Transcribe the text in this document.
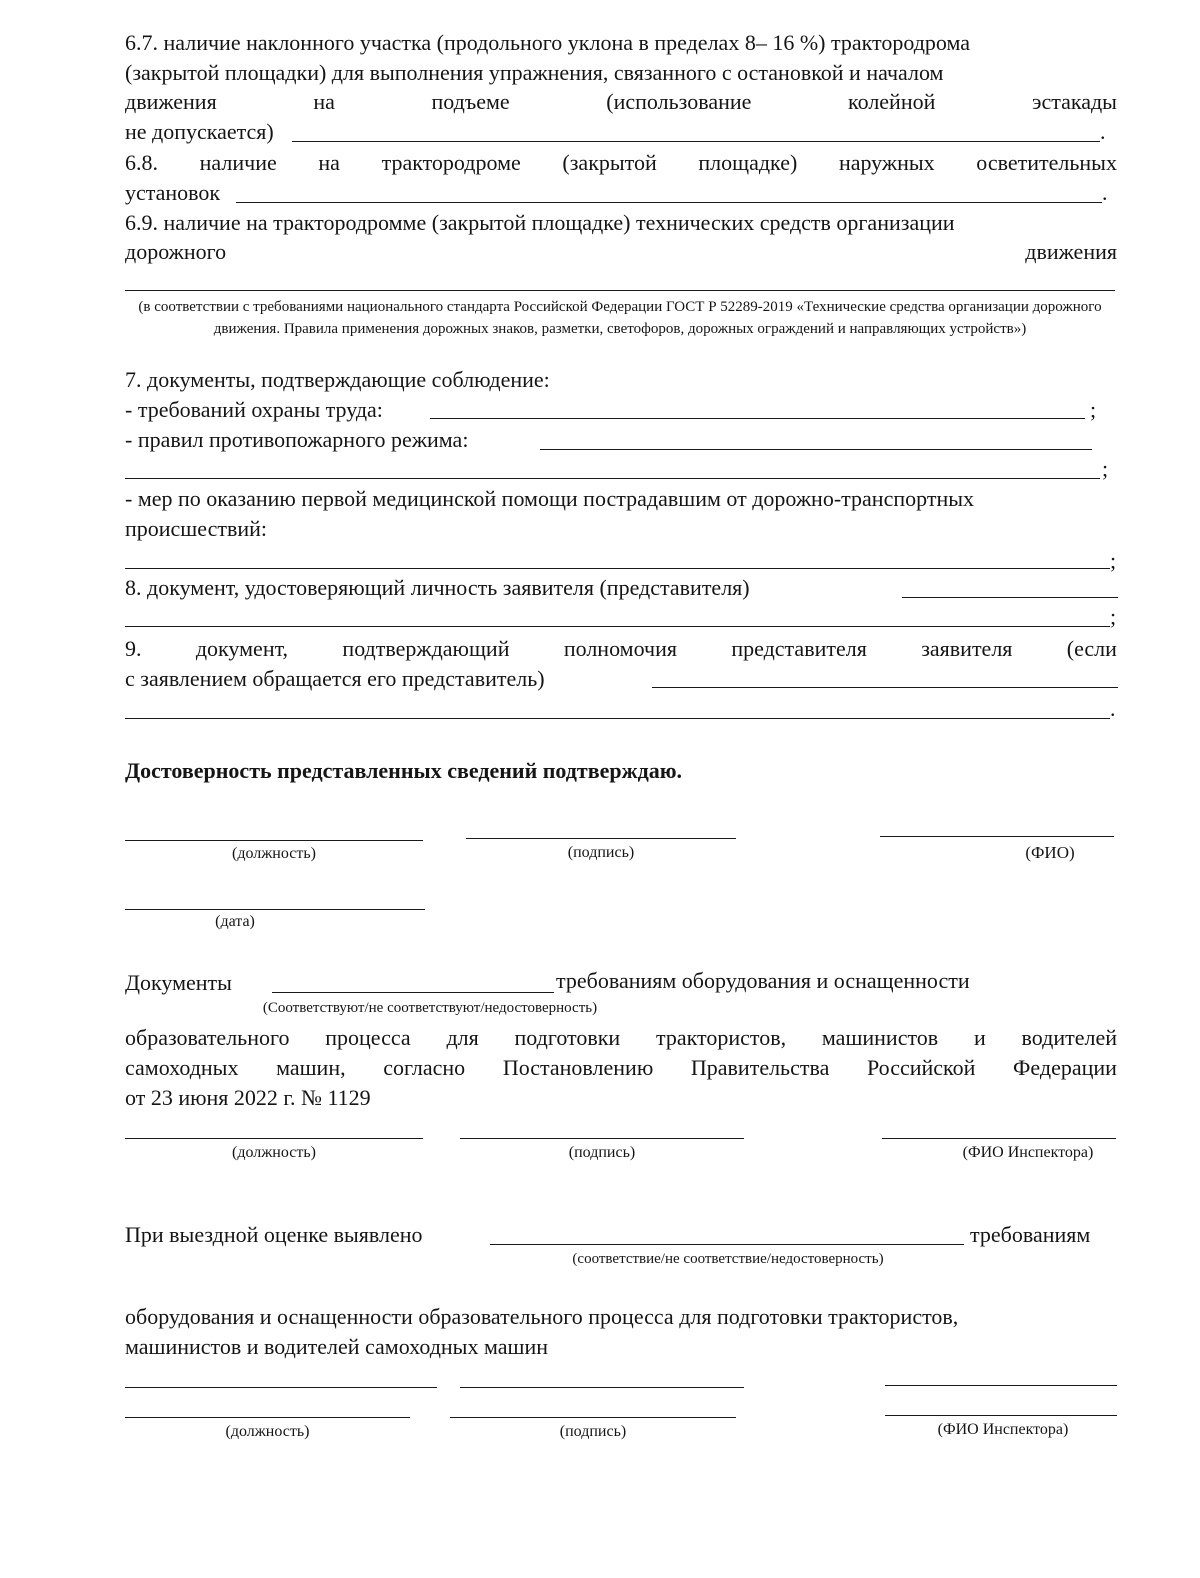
6.7. наличие наклонного участка (продольного уклона в пределах 8– 16 %) трактородрома
(закрытой площадки) для выполнения упражнения, связанного с остановкой и началом
движения	на	подъеме	(использование	колейной	эстакады
не допускается)	.
6.8. наличие на трактородроме (закрытой площадке) наружных осветительных
установок	.
6.9. наличие на трактородромме (закрытой площадке) технических средств организации
дорожного	движения
(в соответствии с требованиями национального стандарта Российской Федерации ГОСТ Р 52289-2019 «Технические средства организации дорожного движения. Правила применения дорожных знаков, разметки, светофоров, дорожных ограждений и направляющих устройств»)
7. документы, подтверждающие соблюдение:
- требований охраны труда:	;
- правил противопожарного режима:
;
- мер по оказанию первой медицинской помощи пострадавшим от дорожно-транспортных
происшествий:
;
8. документ, удостоверяющий личность заявителя (представителя)
;
9. документ, подтверждающий полномочия представителя заявителя (если
с заявлением обращается его представитель)
.
Достоверность представленных сведений подтверждаю.
(должность)	(подпись)	(ФИО)
(дата)
Документы	требованиям оборудования и оснащенности
(Соответствуют/не соответствуют/недостоверность)
образовательного процесса для подготовки трактористов, машинистов и водителей
самоходных машин, согласно Постановлению Правительства Российской Федерации
от 23 июня 2022 г. № 1129
(должность)	(подпись)	(ФИО Инспектора)
При выездной оценке выявлено	требованиям
(соответствие/не соответствие/недостоверность)
оборудования и оснащенности образовательного процесса для подготовки трактористов,
машинистов и водителей самоходных машин
(должность)	(подпись)	(ФИО Инспектора)
